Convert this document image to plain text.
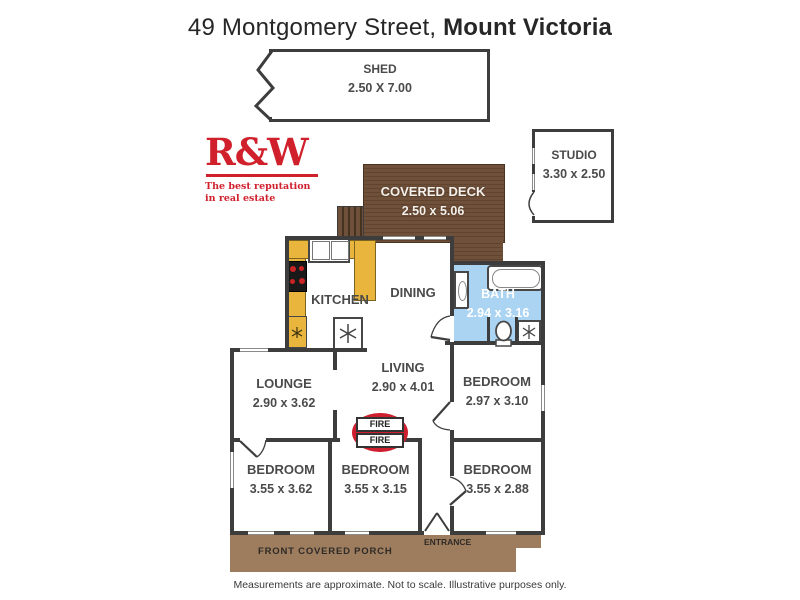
49 Montgomery Street, Mount Victoria
R&W
The best reputation
in real estate
SHED
2.50 X 7.00
STUDIO
3.30 x 2.50
COVERED DECK
2.50 x 5.06
ENTRANCE
FRONT COVERED PORCH
FIRE
FIRE
KITCHEN	DINING	BATH
2.94 x 3.16
LOUNGE
2.90 x 3.62
LIVING
2.90 x 4.01	BEDROOM
2.97 x 3.10
BEDROOM
3.55 x 3.62
BEDROOM
3.55 x 3.15
BEDROOM
3.55 x 2.88
Measurements are approximate. Not to scale. Illustrative purposes only.
